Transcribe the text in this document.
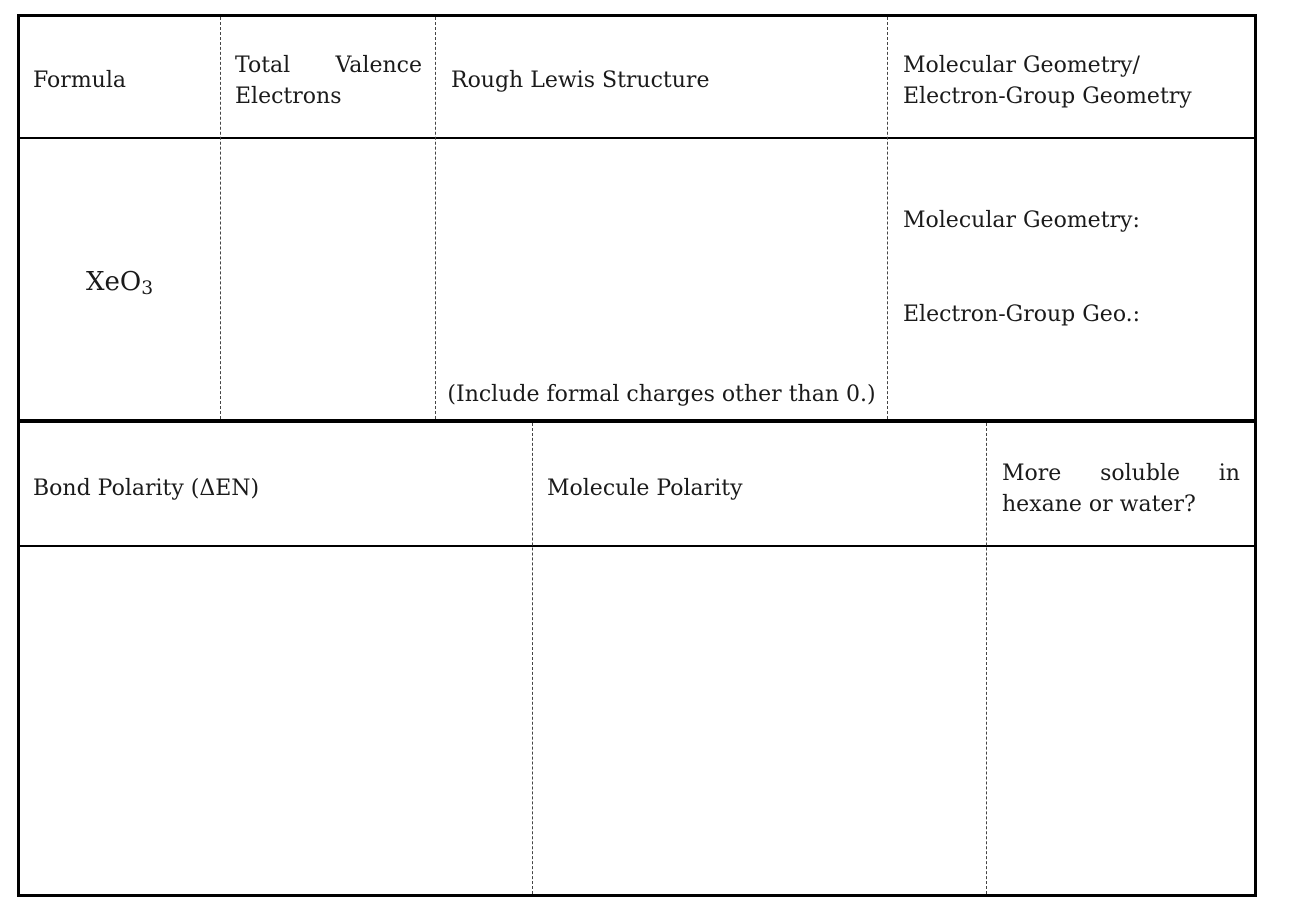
Formula
Total Valence
Electrons
Rough Lewis Structure
Molecular Geometry/
Electron-Group Geometry
XeO$_3$
(Include formal charges other than 0.)
Molecular Geometry:
Electron-Group Geo.:
Bond Polarity (ΔEN)	Molecule Polarity
More soluble in
hexane or water?
